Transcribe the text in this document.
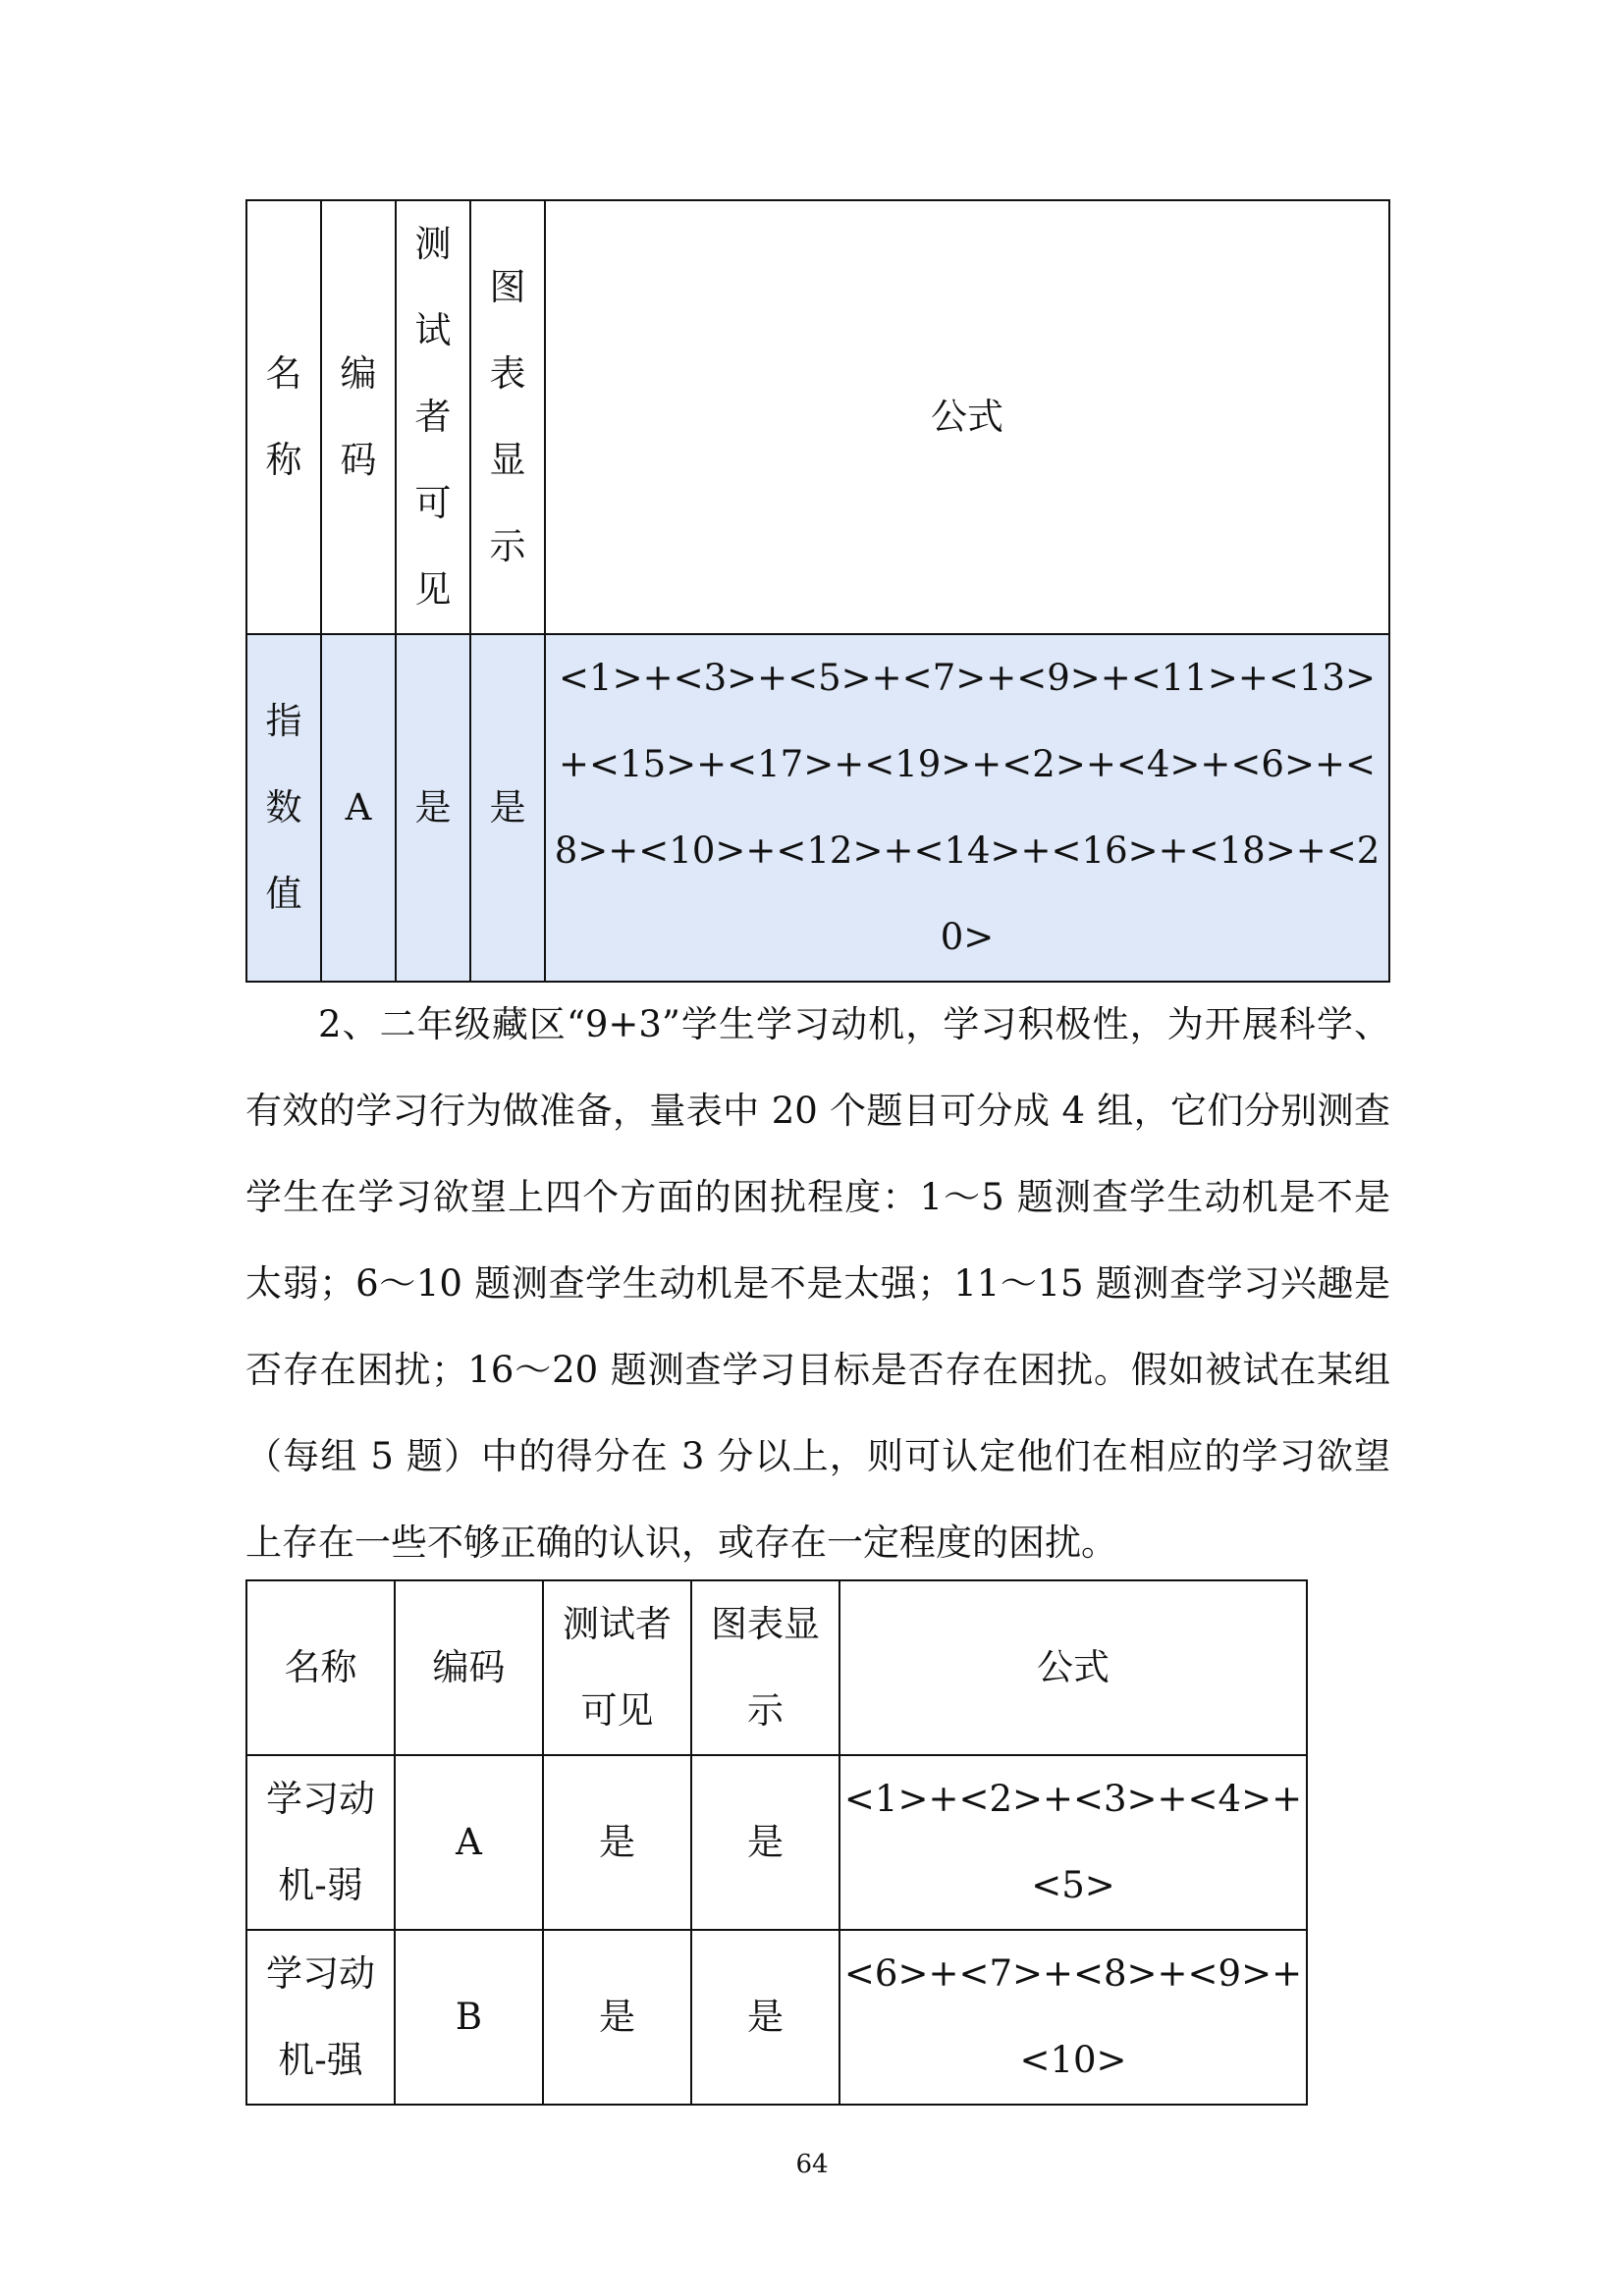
名称	编码	测试者可见	图表显示	公式
指数值	A	是	是	<1>+<3>+<5>+<7>+<9>+<11>+<13>+<15>+<17>+<19>+<2>+<4>+<6>+<8>+<10>+<12>+<14>+<16>+<18>+<20>

2、二年级藏区“9+3”学生学习动机，学习积极性，为开展科学、有效的学习行为做准备，量表中 20 个题目可分成 4 组，它们分别测查学生在学习欲望上四个方面的困扰程度：1～5 题测查学生动机是不是太弱；6～10 题测查学生动机是不是太强；11～15 题测查学习兴趣是否存在困扰；16～20 题测查学习目标是否存在困扰。假如被试在某组（每组 5 题）中的得分在 3 分以上，则可认定他们在相应的学习欲望上存在一些不够正确的认识，或存在一定程度的困扰。

名称	编码	测试者可见	图表显示	公式
学习动机-弱	A	是	是	<1>+<2>+<3>+<4>+<5>
学习动机-强	B	是	是	<6>+<7>+<8>+<9>+<10>
64
